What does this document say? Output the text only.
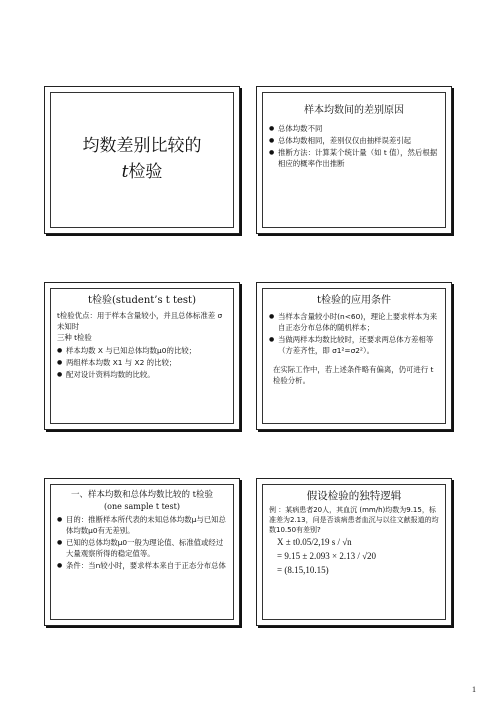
均数差别比较的
t检验
样本均数间的差别原因
● 总体均数不同
● 总体均数相同，差别仅仅由抽样误差引起
● 推断方法：计算某个统计量（如 t 值），然后根据相应的概率作出推断
t检验(student’s t test)

t检验优点：用于样本含量较小，并且总体标准差 σ未知时

三种 t检验

● 样本均数 X 与已知总体均数μ0的比较；
● 两组样本均数 X1 与 X2 的比较；
● 配对设计资料均数的比较。
t检验的应用条件
● 当样本含量较小时(n<60)，理论上要求样本为来自正态分布总体的随机样本；
● 当做两样本均数比较时，还要求两总体方差相等（方差齐性，即 σ1²=σ2²）。

在实际工作中，若上述条件略有偏离，仍可进行 t检验分析。

一、样本均数和总体均数比较的 t检验
(one sample t test)
● 目的：推断样本所代表的未知总体均数μ与已知总体均数μ0有无差别。
● 已知的总体均数μ0一般为理论值、标准值或经过大量观察所得的稳定值等。
● 条件：当n较小时，要求样本来自于正态分布总体
假设检验的独特逻辑

例 ：某病患者20人，其血沉 (mm/h)均数为9.15，标准差为2.13，问是否该病患者血沉与以往文献报道的均数10.50有差别?

X ± t0.05/2,19 s / √n
= 9.15 ± 2.093 × 2.13 / √20
= (8.15,10.15)
1
